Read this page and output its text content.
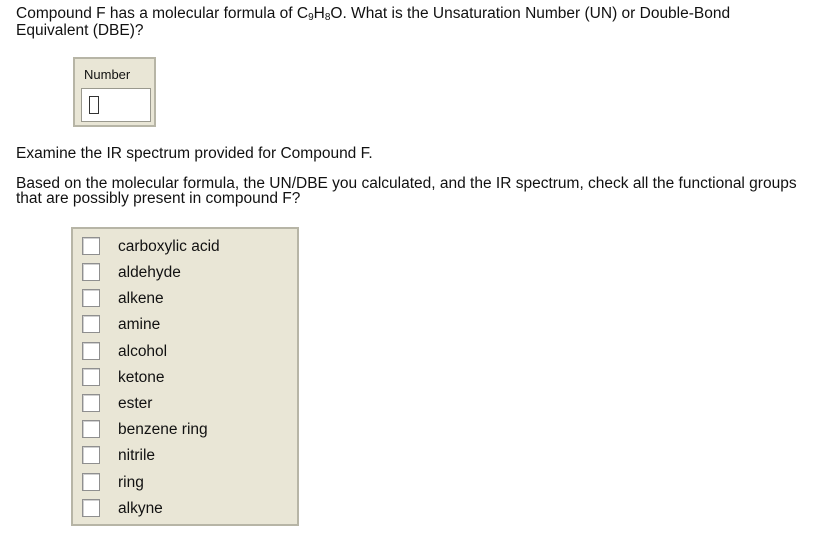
Compound F has a molecular formula of $C_9H_8O$. What is the Unsaturation Number (UN) or Double-Bond Equivalent (DBE)?
Number
Examine the IR spectrum provided for Compound F.
Based on the molecular formula, the UN/DBE you calculated, and the IR spectrum, check all the functional groups that are possibly present in compound F?
carboxylic acid
aldehyde
alkene
amine
alcohol
ketone
ester
benzene ring
nitrile
ring
alkyne
